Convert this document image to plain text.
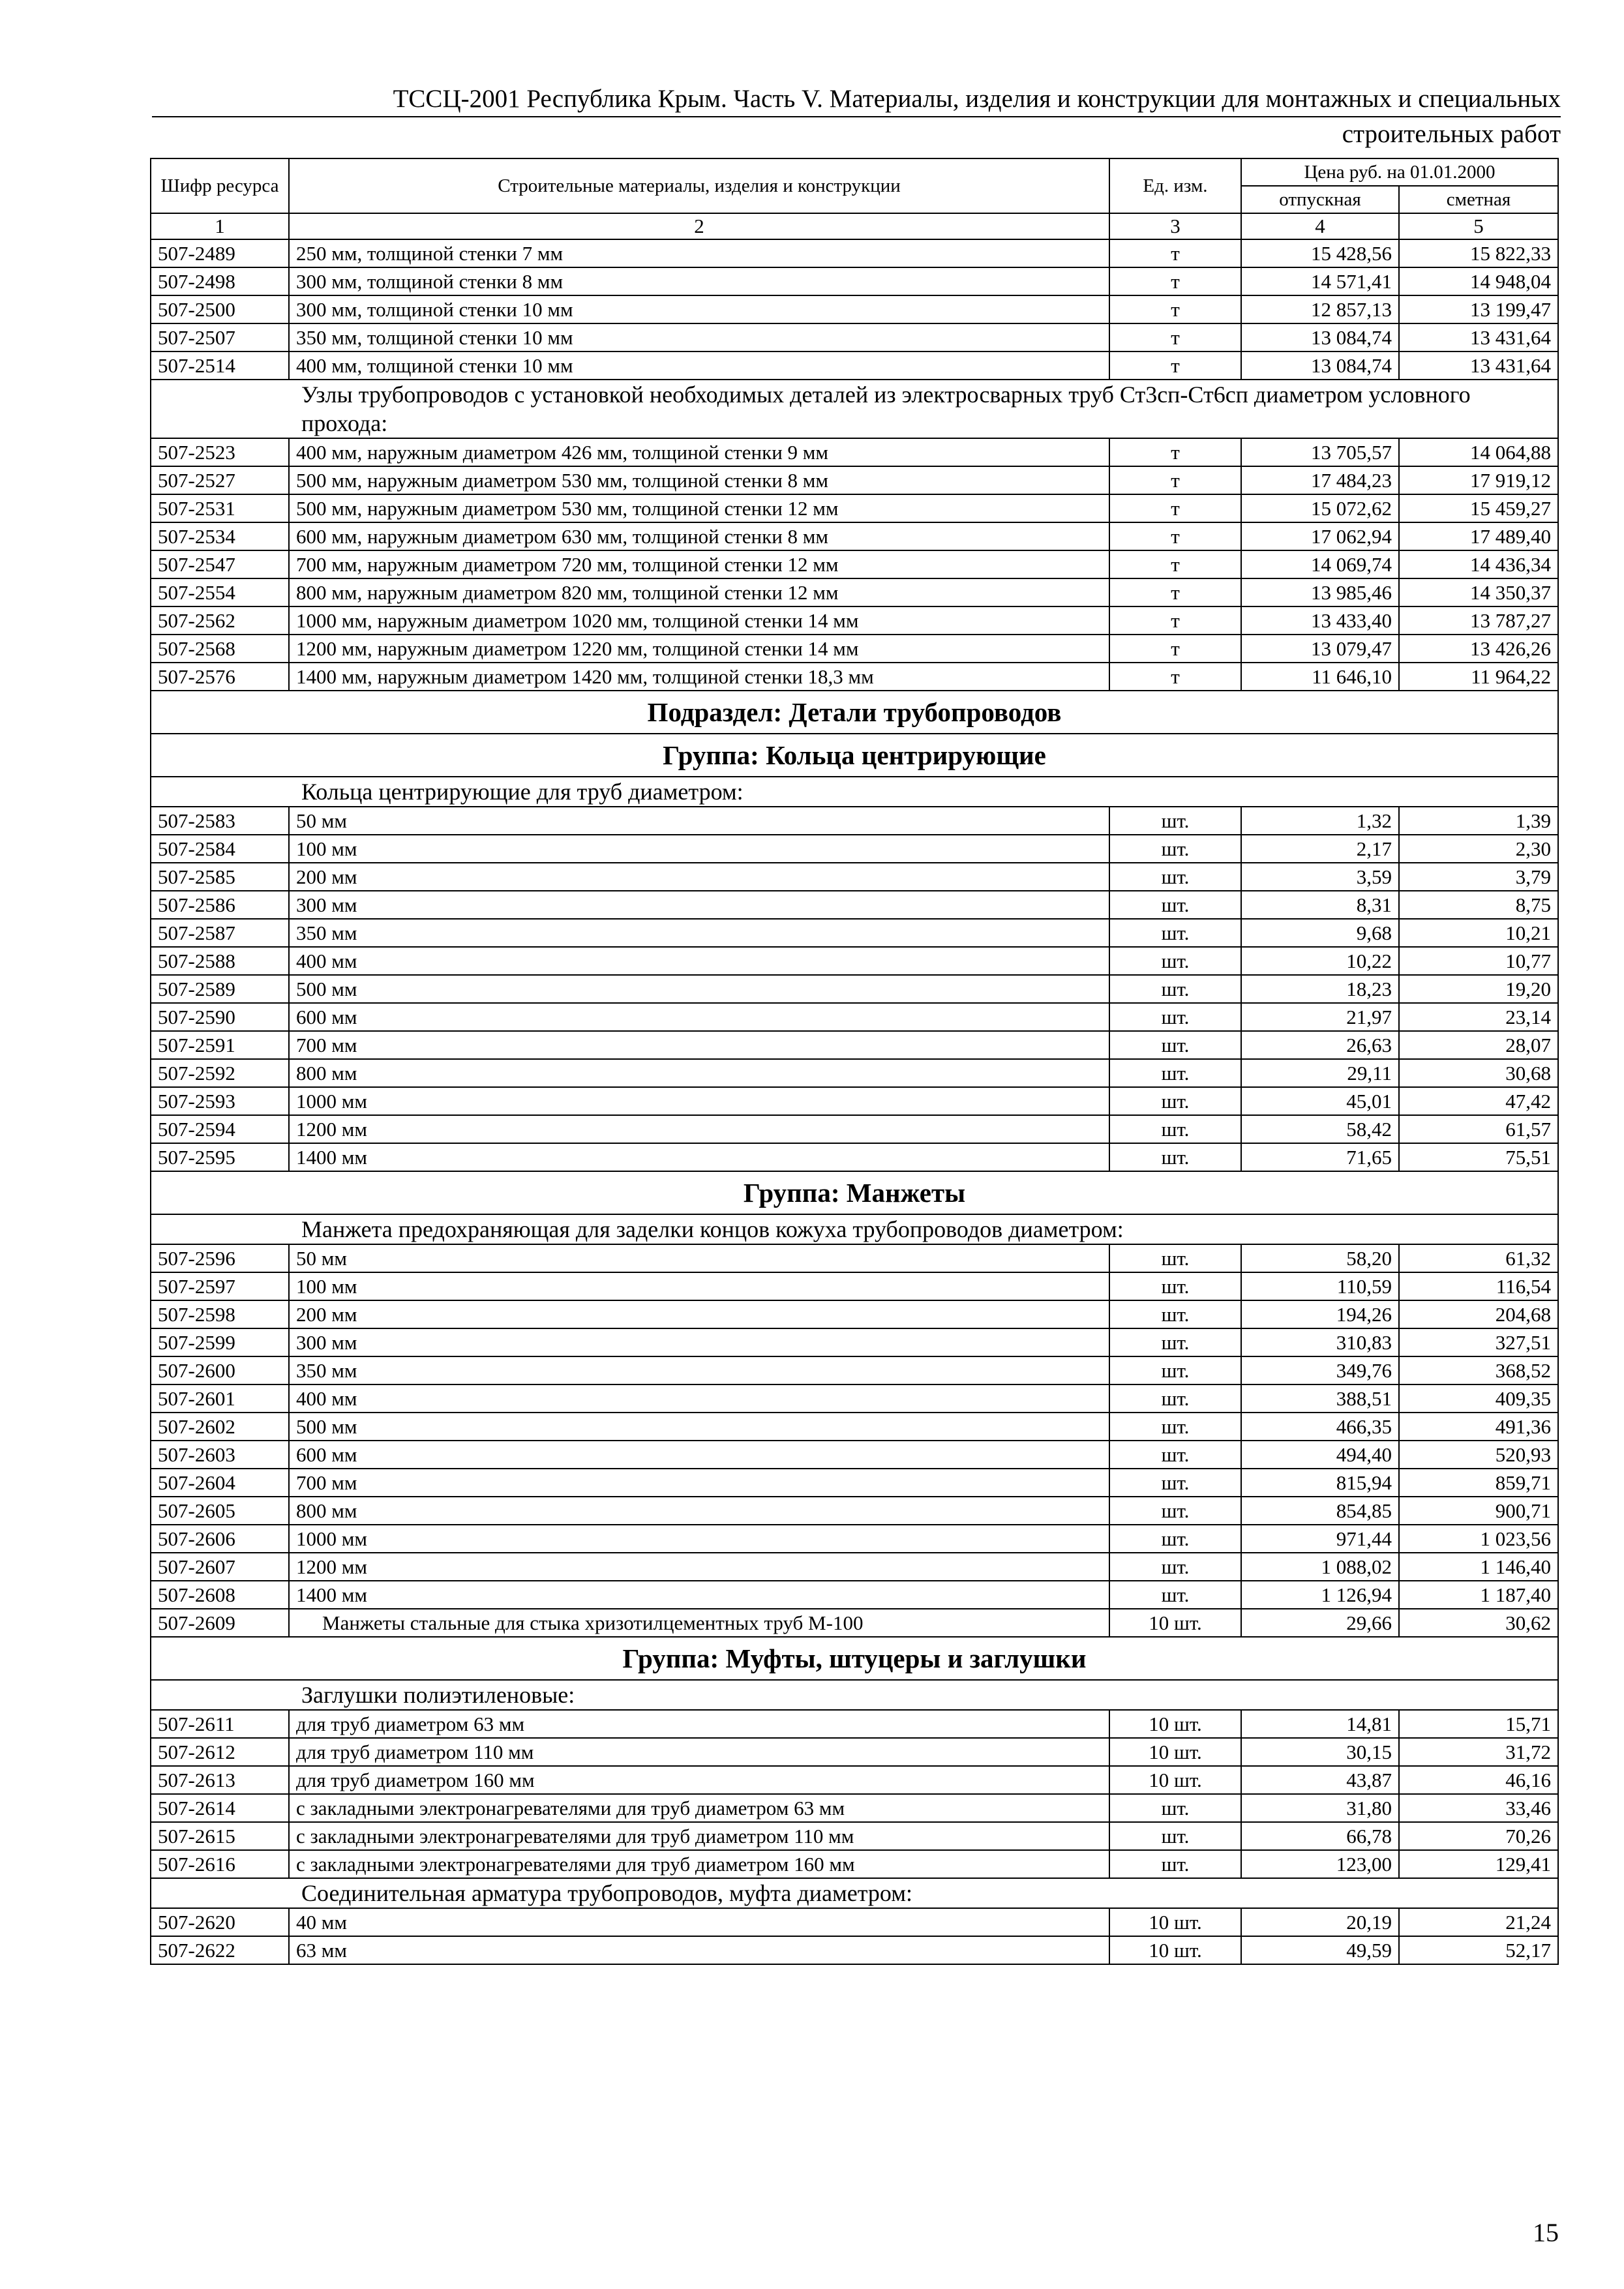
ТССЦ-2001 Республика Крым. Часть V. Материалы, изделия и конструкции для монтажных и специальных
строительных работ
Шифр ресурса	Строительные материалы, изделия и конструкции	Ед. изм.	Цена руб. на 01.01.2000	
			отпускная	сметная
1	2	3	4	5
507-2489	250 мм, толщиной стенки 7 мм	т	15 428,56	15 822,33
507-2498	300 мм, толщиной стенки 8 мм	т	14 571,41	14 948,04
507-2500	300 мм, толщиной стенки 10 мм	т	12 857,13	13 199,47
507-2507	350 мм, толщиной стенки 10 мм	т	13 084,74	13 431,64
507-2514	400 мм, толщиной стенки 10 мм	т	13 084,74	13 431,64
Узлы трубопроводов с установкой необходимых деталей из электросварных труб Ст3сп-Ст6сп диаметром условного прохода:				
507-2523	400 мм, наружным диаметром 426 мм, толщиной стенки 9 мм	т	13 705,57	14 064,88
507-2527	500 мм, наружным диаметром 530 мм, толщиной стенки 8 мм	т	17 484,23	17 919,12
507-2531	500 мм, наружным диаметром 530 мм, толщиной стенки 12 мм	т	15 072,62	15 459,27
507-2534	600 мм, наружным диаметром 630 мм, толщиной стенки 8 мм	т	17 062,94	17 489,40
507-2547	700 мм, наружным диаметром 720 мм, толщиной стенки 12 мм	т	14 069,74	14 436,34
507-2554	800 мм, наружным диаметром 820 мм, толщиной стенки 12 мм	т	13 985,46	14 350,37
507-2562	1000 мм, наружным диаметром 1020 мм, толщиной стенки 14 мм	т	13 433,40	13 787,27
507-2568	1200 мм, наружным диаметром 1220 мм, толщиной стенки 14 мм	т	13 079,47	13 426,26
507-2576	1400 мм, наружным диаметром 1420 мм, толщиной стенки 18,3 мм	т	11 646,10	11 964,22
Подраздел: Детали трубопроводов				
Группа: Кольца центрирующие				
Кольца центрирующие для труб диаметром:				
507-2583	50 мм	шт.	1,32	1,39
507-2584	100 мм	шт.	2,17	2,30
507-2585	200 мм	шт.	3,59	3,79
507-2586	300 мм	шт.	8,31	8,75
507-2587	350 мм	шт.	9,68	10,21
507-2588	400 мм	шт.	10,22	10,77
507-2589	500 мм	шт.	18,23	19,20
507-2590	600 мм	шт.	21,97	23,14
507-2591	700 мм	шт.	26,63	28,07
507-2592	800 мм	шт.	29,11	30,68
507-2593	1000 мм	шт.	45,01	47,42
507-2594	1200 мм	шт.	58,42	61,57
507-2595	1400 мм	шт.	71,65	75,51
Группа: Манжеты				
Манжета предохраняющая для заделки концов кожуха трубопроводов диаметром:				
507-2596	50 мм	шт.	58,20	61,32
507-2597	100 мм	шт.	110,59	116,54
507-2598	200 мм	шт.	194,26	204,68
507-2599	300 мм	шт.	310,83	327,51
507-2600	350 мм	шт.	349,76	368,52
507-2601	400 мм	шт.	388,51	409,35
507-2602	500 мм	шт.	466,35	491,36
507-2603	600 мм	шт.	494,40	520,93
507-2604	700 мм	шт.	815,94	859,71
507-2605	800 мм	шт.	854,85	900,71
507-2606	1000 мм	шт.	971,44	1 023,56
507-2607	1200 мм	шт.	1 088,02	1 146,40
507-2608	1400 мм	шт.	1 126,94	1 187,40
507-2609	Манжеты стальные для стыка хризотилцементных труб М-100	10 шт.	29,66	30,62
Группа: Муфты, штуцеры и заглушки				
Заглушки полиэтиленовые:				
507-2611	для труб диаметром 63 мм	10 шт.	14,81	15,71
507-2612	для труб диаметром 110 мм	10 шт.	30,15	31,72
507-2613	для труб диаметром 160 мм	10 шт.	43,87	46,16
507-2614	с закладными электронагревателями для труб диаметром 63 мм	шт.	31,80	33,46
507-2615	с закладными электронагревателями для труб диаметром 110 мм	шт.	66,78	70,26
507-2616	с закладными электронагревателями для труб диаметром 160 мм	шт.	123,00	129,41
Соединительная арматура трубопроводов, муфта диаметром:				
507-2620	40 мм	10 шт.	20,19	21,24
507-2622	63 мм	10 шт.	49,59	52,17
15
